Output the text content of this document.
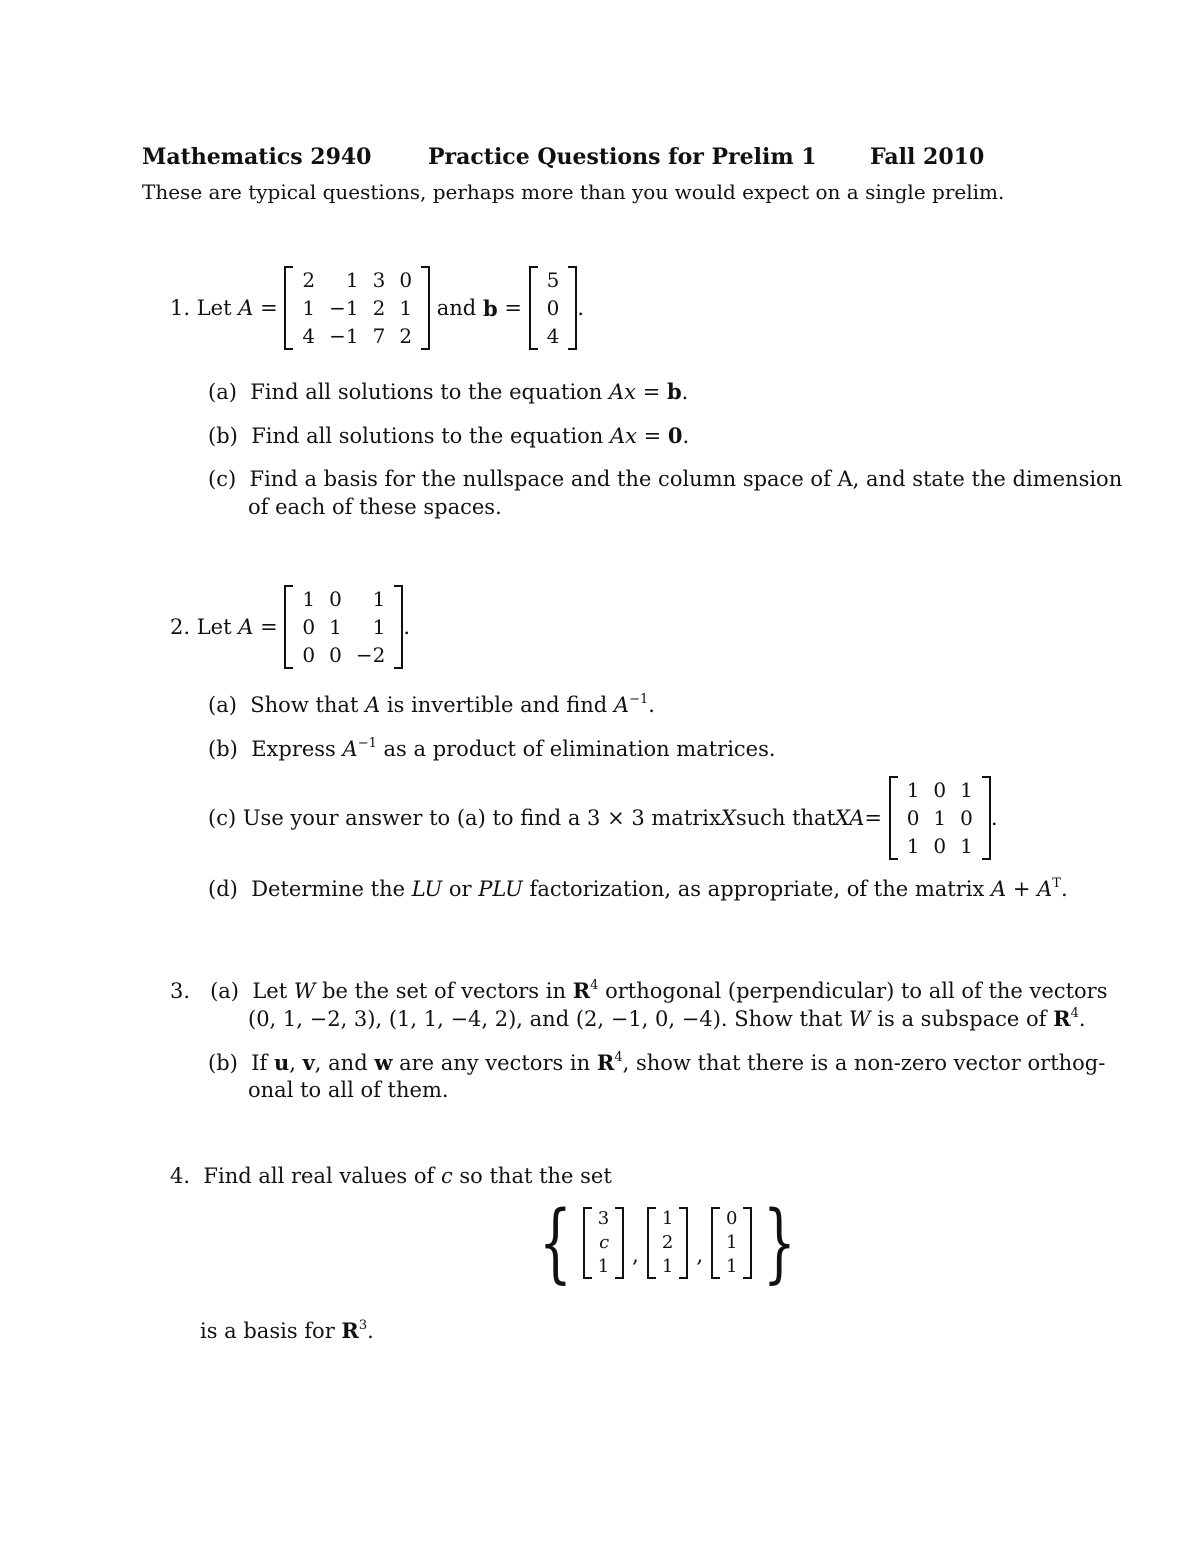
Mathematics 2940	Practice Questions for Prelim 1 Fall 2010
These are typical questions, perhaps more than you would expect on a single prelim.
1.
Let
A
=

2	1	3	0
1	−1	2	1
4	−1	7	2

and
b
=

5
0
4
.
(a) Find all solutions to the equation Ax = b.
(b) Find all solutions to the equation Ax = 0.
(c) Find a basis for the nullspace and the column space of A, and state the dimension
of each of these spaces.
2.
Let
A
=

1	0	1
0	1	1
0	0	−2
.
(a) Show that A is invertible and find $A^{-1}$.
(b) Express $A^{-1}$ as a product of elimination matrices.
(c)
Use your answer to (a) to find a 3 × 3 matrix X such that XA =

1	0	1
0	1	0
1	0	1
.
(d) Determine the LU or PLU factorization, as appropriate, of the matrix $A + A^T$.
3. (a) Let W be the set of vectors in $R^4$ orthogonal (perpendicular) to all of the vectors
(0, 1, −2, 3), (1, 1, −4, 2), and (2, −1, 0, −4). Show that W is a subspace of $R^4$.
(b) If u, v, and w are any vectors in $R^4$, show that there is a non-zero vector orthog-
onal to all of them.
4. Find all real values of c so that the set
{ 3
c
1 ,
1
2
1 ,
0
1
1 }
is a basis for $R^3$.
